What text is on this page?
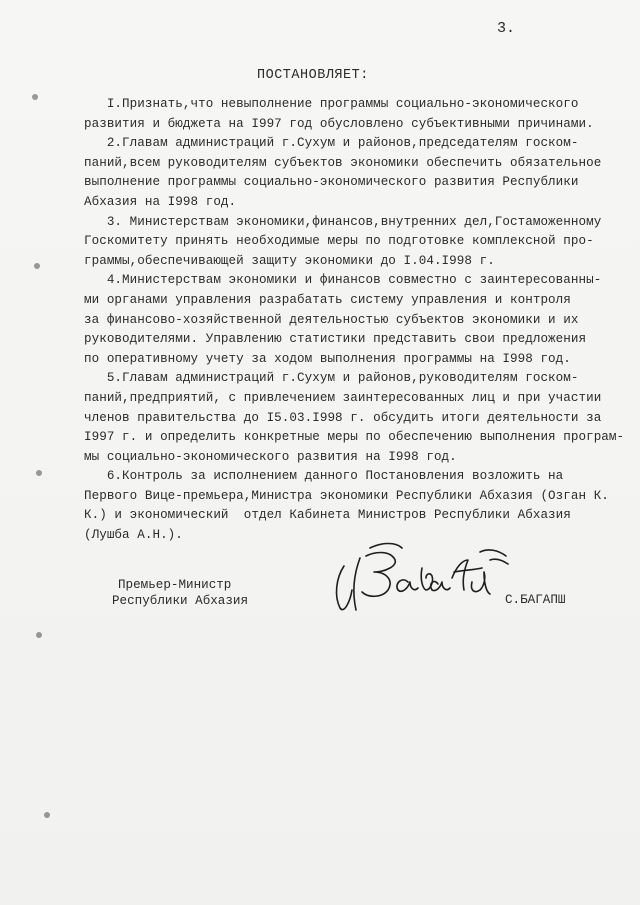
3.
ПОСТАНОВЛЯЕТ:
I.Признать,что невыполнение программы социально-экономического
развития и бюджета на I997 год обусловлено субъективными причинами.
2.Главам администраций г.Сухум и районов,председателям госком-
паний,всем руководителям субъектов экономики обеспечить обязательное
выполнение программы социально-экономического развития Республики
Абхазия на I998 год.
3. Министерствам экономики,финансов,внутренних дел,Гостаможенному
Госкомитету принять необходимые меры по подготовке комплексной про-
граммы,обеспечивающей защиту экономики до I.04.I998 г.
4.Министерствам экономики и финансов совместно с заинтересованны-
ми органами управления разрабатать систему управления и контроля
за финансово-хозяйственной деятельностью субъектов экономики и их
руководителями. Управлению статистики представить свои предложения
по оперативному учету за ходом выполнения программы на I998 год.
5.Главам администраций г.Сухум и районов,руководителям госком-
паний,предприятий, с привлечением заинтересованных лиц и при участии
членов правительства до I5.03.I998 г. обсудить итоги деятельности за
I997 г. и определить конкретные меры по обеспечению выполнения програм-
мы социально-экономического развития на I998 год.
6.Контроль за исполнением данного Постановления возложить на
Первого Вице-премьера,Министра экономики Республики Абхазия (Озган К.
К.) и экономический  отдел Кабинета Министров Республики Абхазия
(Лушба А.Н.).
Премьер-Министр
Республики Абхазия	С.БАГАПШ
